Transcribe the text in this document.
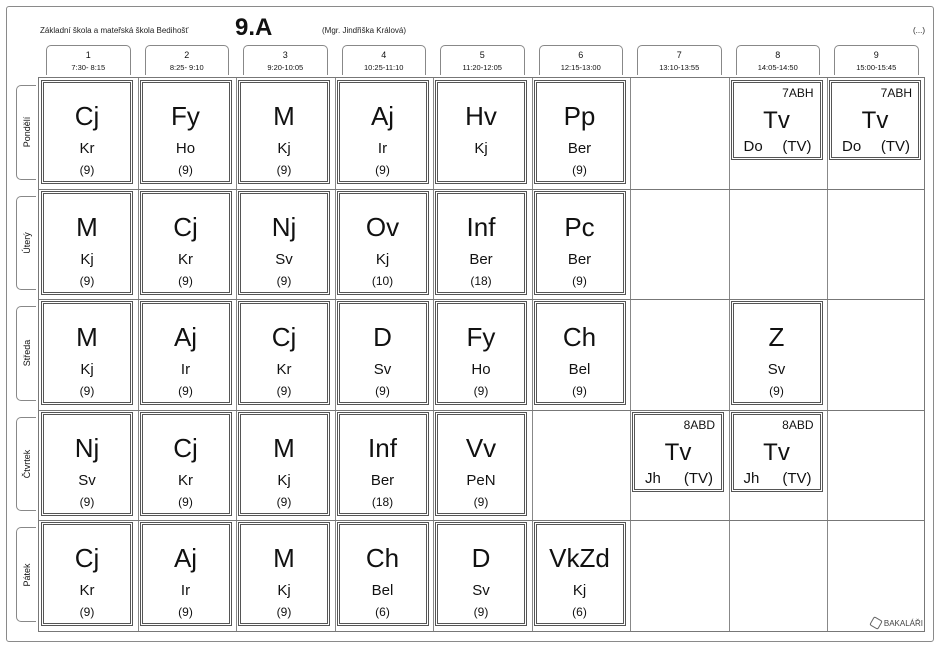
Základní škola a mateřská škola Bedihošť 9.A	(Mgr. Jindřiška Králová)	(...)
1
7:30- 8:15
2
8:25- 9:10
3
9:20-10:05
4
10:25-11:10
5
11:20-12:05
6
12:15-13:00
7
13:10-13:55
8
14:05-14:50
9
15:00-15:45
Pondělí
Úterý
Středa
Čtvrtek
Pátek
Cj
Kr
(9)
Fy
Ho
(9)
M
Kj
(9)
Aj
Ir
(9)
Hv
Kj
Pp
Ber
(9)
7ABH
Tv
Do (TV)
7ABH
Tv
Do (TV)
M
Kj
(9)
Cj
Kr
(9)
Nj
Sv
(9)
Ov
Kj
(10)
Inf
Ber
(18)
Pc
Ber
(9)
M
Kj
(9)
Aj
Ir
(9)
Cj
Kr
(9)
D
Sv
(9)
Fy
Ho
(9)
Ch
Bel
(9)
Z
Sv
(9)
Nj
Sv
(9)
Cj
Kr
(9)
M
Kj
(9)
Inf
Ber
(18)
Vv
PeN
(9)
8ABD
Tv
Jh (TV)
8ABD
Tv
Jh (TV)
Cj
Kr
(9)
Aj
Ir
(9)
M
Kj
(9)
Ch
Bel
(6)
D
Sv
(9)
VkZd
Kj
(6)
BAKALÁŘI
